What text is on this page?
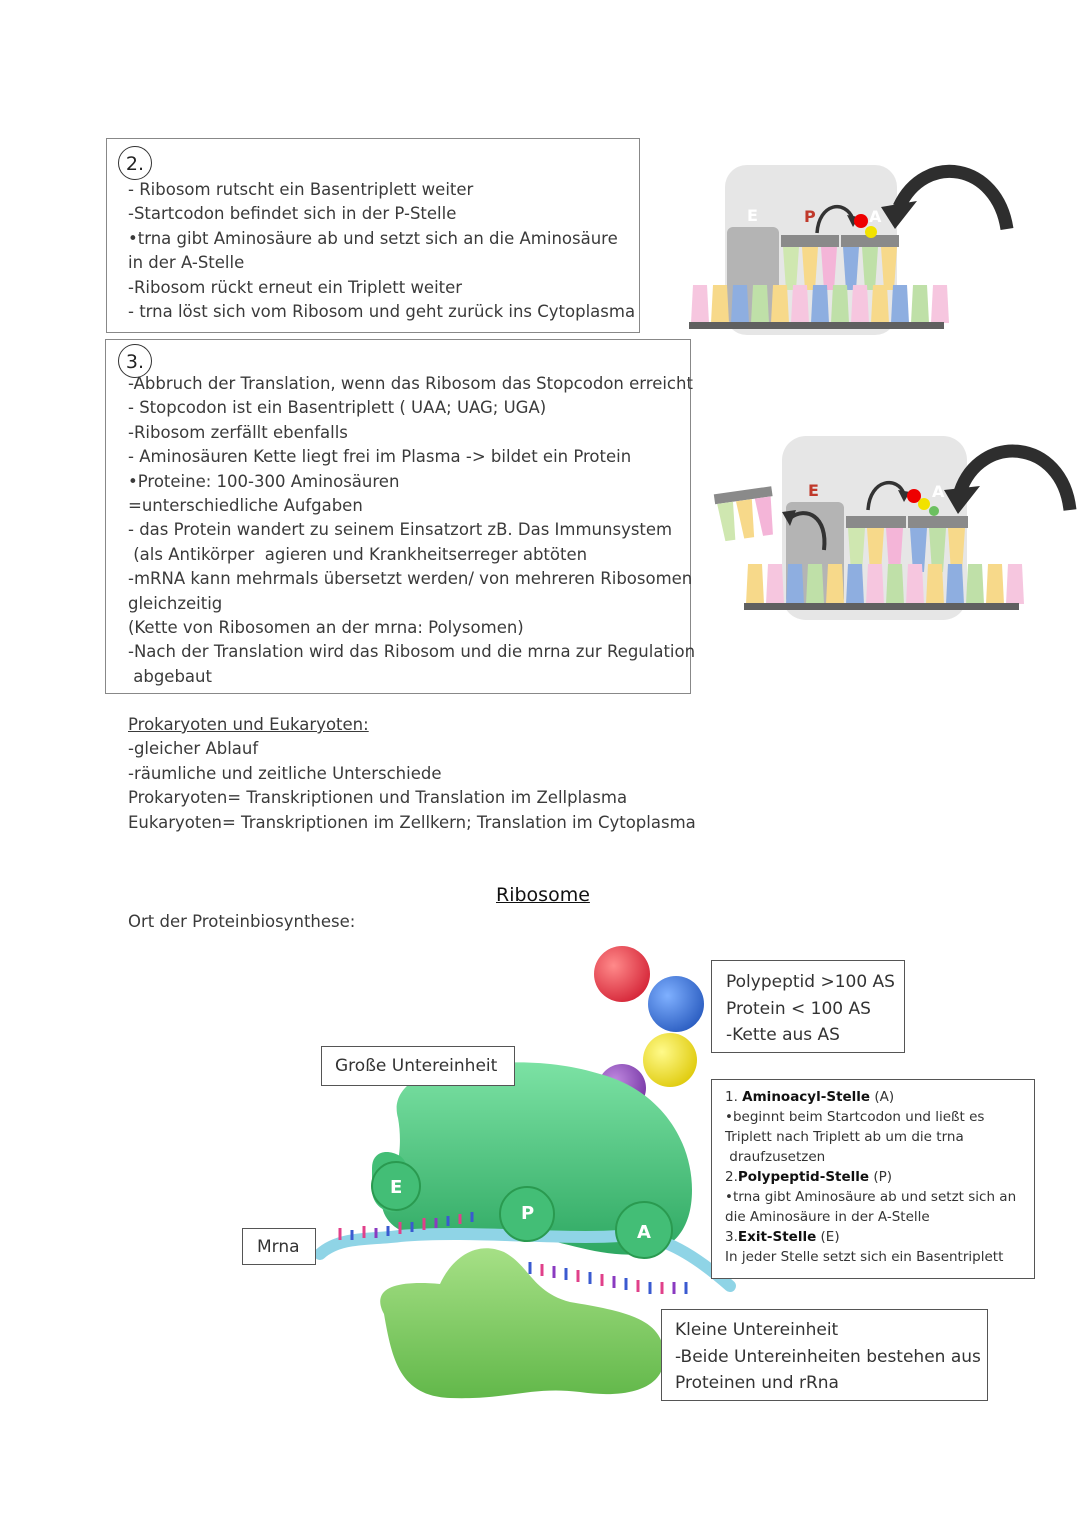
2.
- Ribosom rutscht ein Basentriplett weiter
-Startcodon befindet sich in der P-Stelle
•trna gibt Aminosäure ab und setzt sich an die Aminosäure
in der A-Stelle
-Ribosom rückt erneut ein Triplett weiter
- trna löst sich vom Ribosom und geht zurück ins Cytoplasma
E	P	A
3.
-Abbruch der Translation, wenn das Ribosom das Stopcodon erreicht
- Stopcodon ist ein Basentriplett ( UAA; UAG; UGA)
-Ribosom zerfällt ebenfalls
- Aminosäuren Kette liegt frei im Plasma -> bildet ein Protein
•Proteine: 100-300 Aminosäuren
=unterschiedliche Aufgaben
- das Protein wandert zu seinem Einsatzort zB. Das Immunsystem
(als Antikörper  agieren und Krankheitserreger abtöten
-mRNA kann mehrmals übersetzt werden/ von mehreren Ribosomen
gleichzeitig
(Kette von Ribosomen an der mrna: Polysomen)
-Nach der Translation wird das Ribosom und die mrna zur Regulation
abgebaut
E	A
Prokaryoten und Eukaryoten:
-gleicher Ablauf
-räumliche und zeitliche Unterschiede
Prokaryoten= Transkriptionen und Translation im Zellplasma
Eukaryoten= Transkriptionen im Zellkern; Translation im Cytoplasma
Ribosome
Ort der Proteinbiosynthese:
E
P
A
Große Untereinheit
Mrna
Polypeptid >100 AS
Protein < 100 AS
-Kette aus AS
1. Aminoacyl-Stelle (A)
•beginnt beim Startcodon und ließt es
Triplett nach Triplett ab um die trna
draufzusetzen
2.Polypeptid-Stelle (P)
•trna gibt Aminosäure ab und setzt sich an
die Aminosäure in der A-Stelle
3.Exit-Stelle (E)
In jeder Stelle setzt sich ein Basentriplett
Kleine Untereinheit
-Beide Untereinheiten bestehen aus
Proteinen und rRna
